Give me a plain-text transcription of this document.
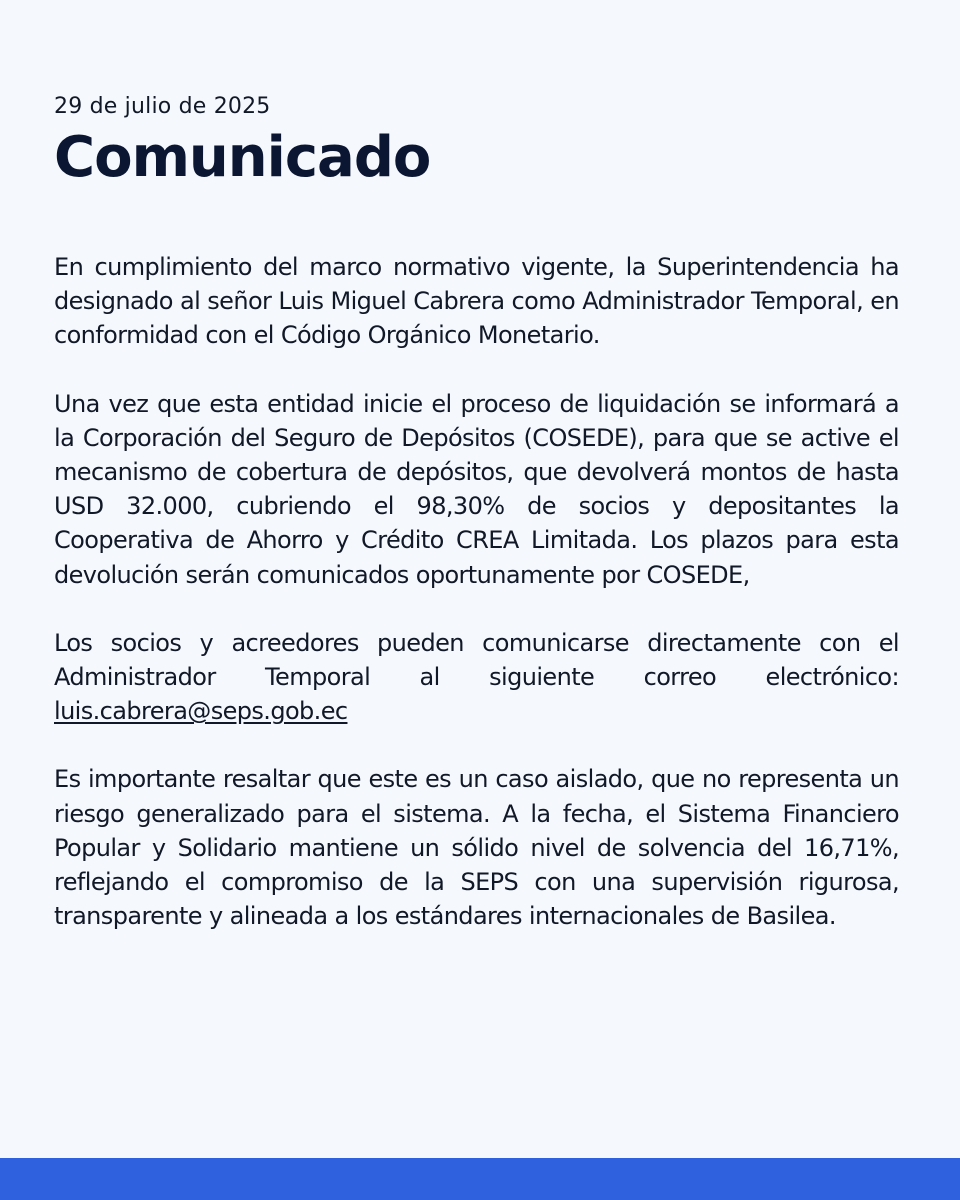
29 de julio de 2025
Comunicado

En cumplimiento del marco normativo vigente, la Superintendencia ha designado al señor Luis Miguel Cabrera como Administrador Temporal, en conformidad con el Código Orgánico Monetario.

Una vez que esta entidad inicie el proceso de liquidación se informará a la Corporación del Seguro de Depósitos (COSEDE), para que se active el mecanismo de cobertura de depósitos, que devolverá montos de hasta USD 32.000, cubriendo el 98,30% de socios y depositantes la Cooperativa de Ahorro y Crédito CREA Limitada. Los plazos para esta devolución serán comunicados oportunamente por COSEDE,

Los socios y acreedores pueden comunicarse directamente con el Administrador Temporal al siguiente correo electrónico: luis.cabrera@seps.gob.ec

Es importante resaltar que este es un caso aislado, que no representa un riesgo generalizado para el sistema. A la fecha, el Sistema Financiero Popular y Solidario mantiene un sólido nivel de solvencia del 16,71%, reflejando el compromiso de la SEPS con una supervisión rigurosa, transparente y alineada a los estándares internacionales de Basilea.
